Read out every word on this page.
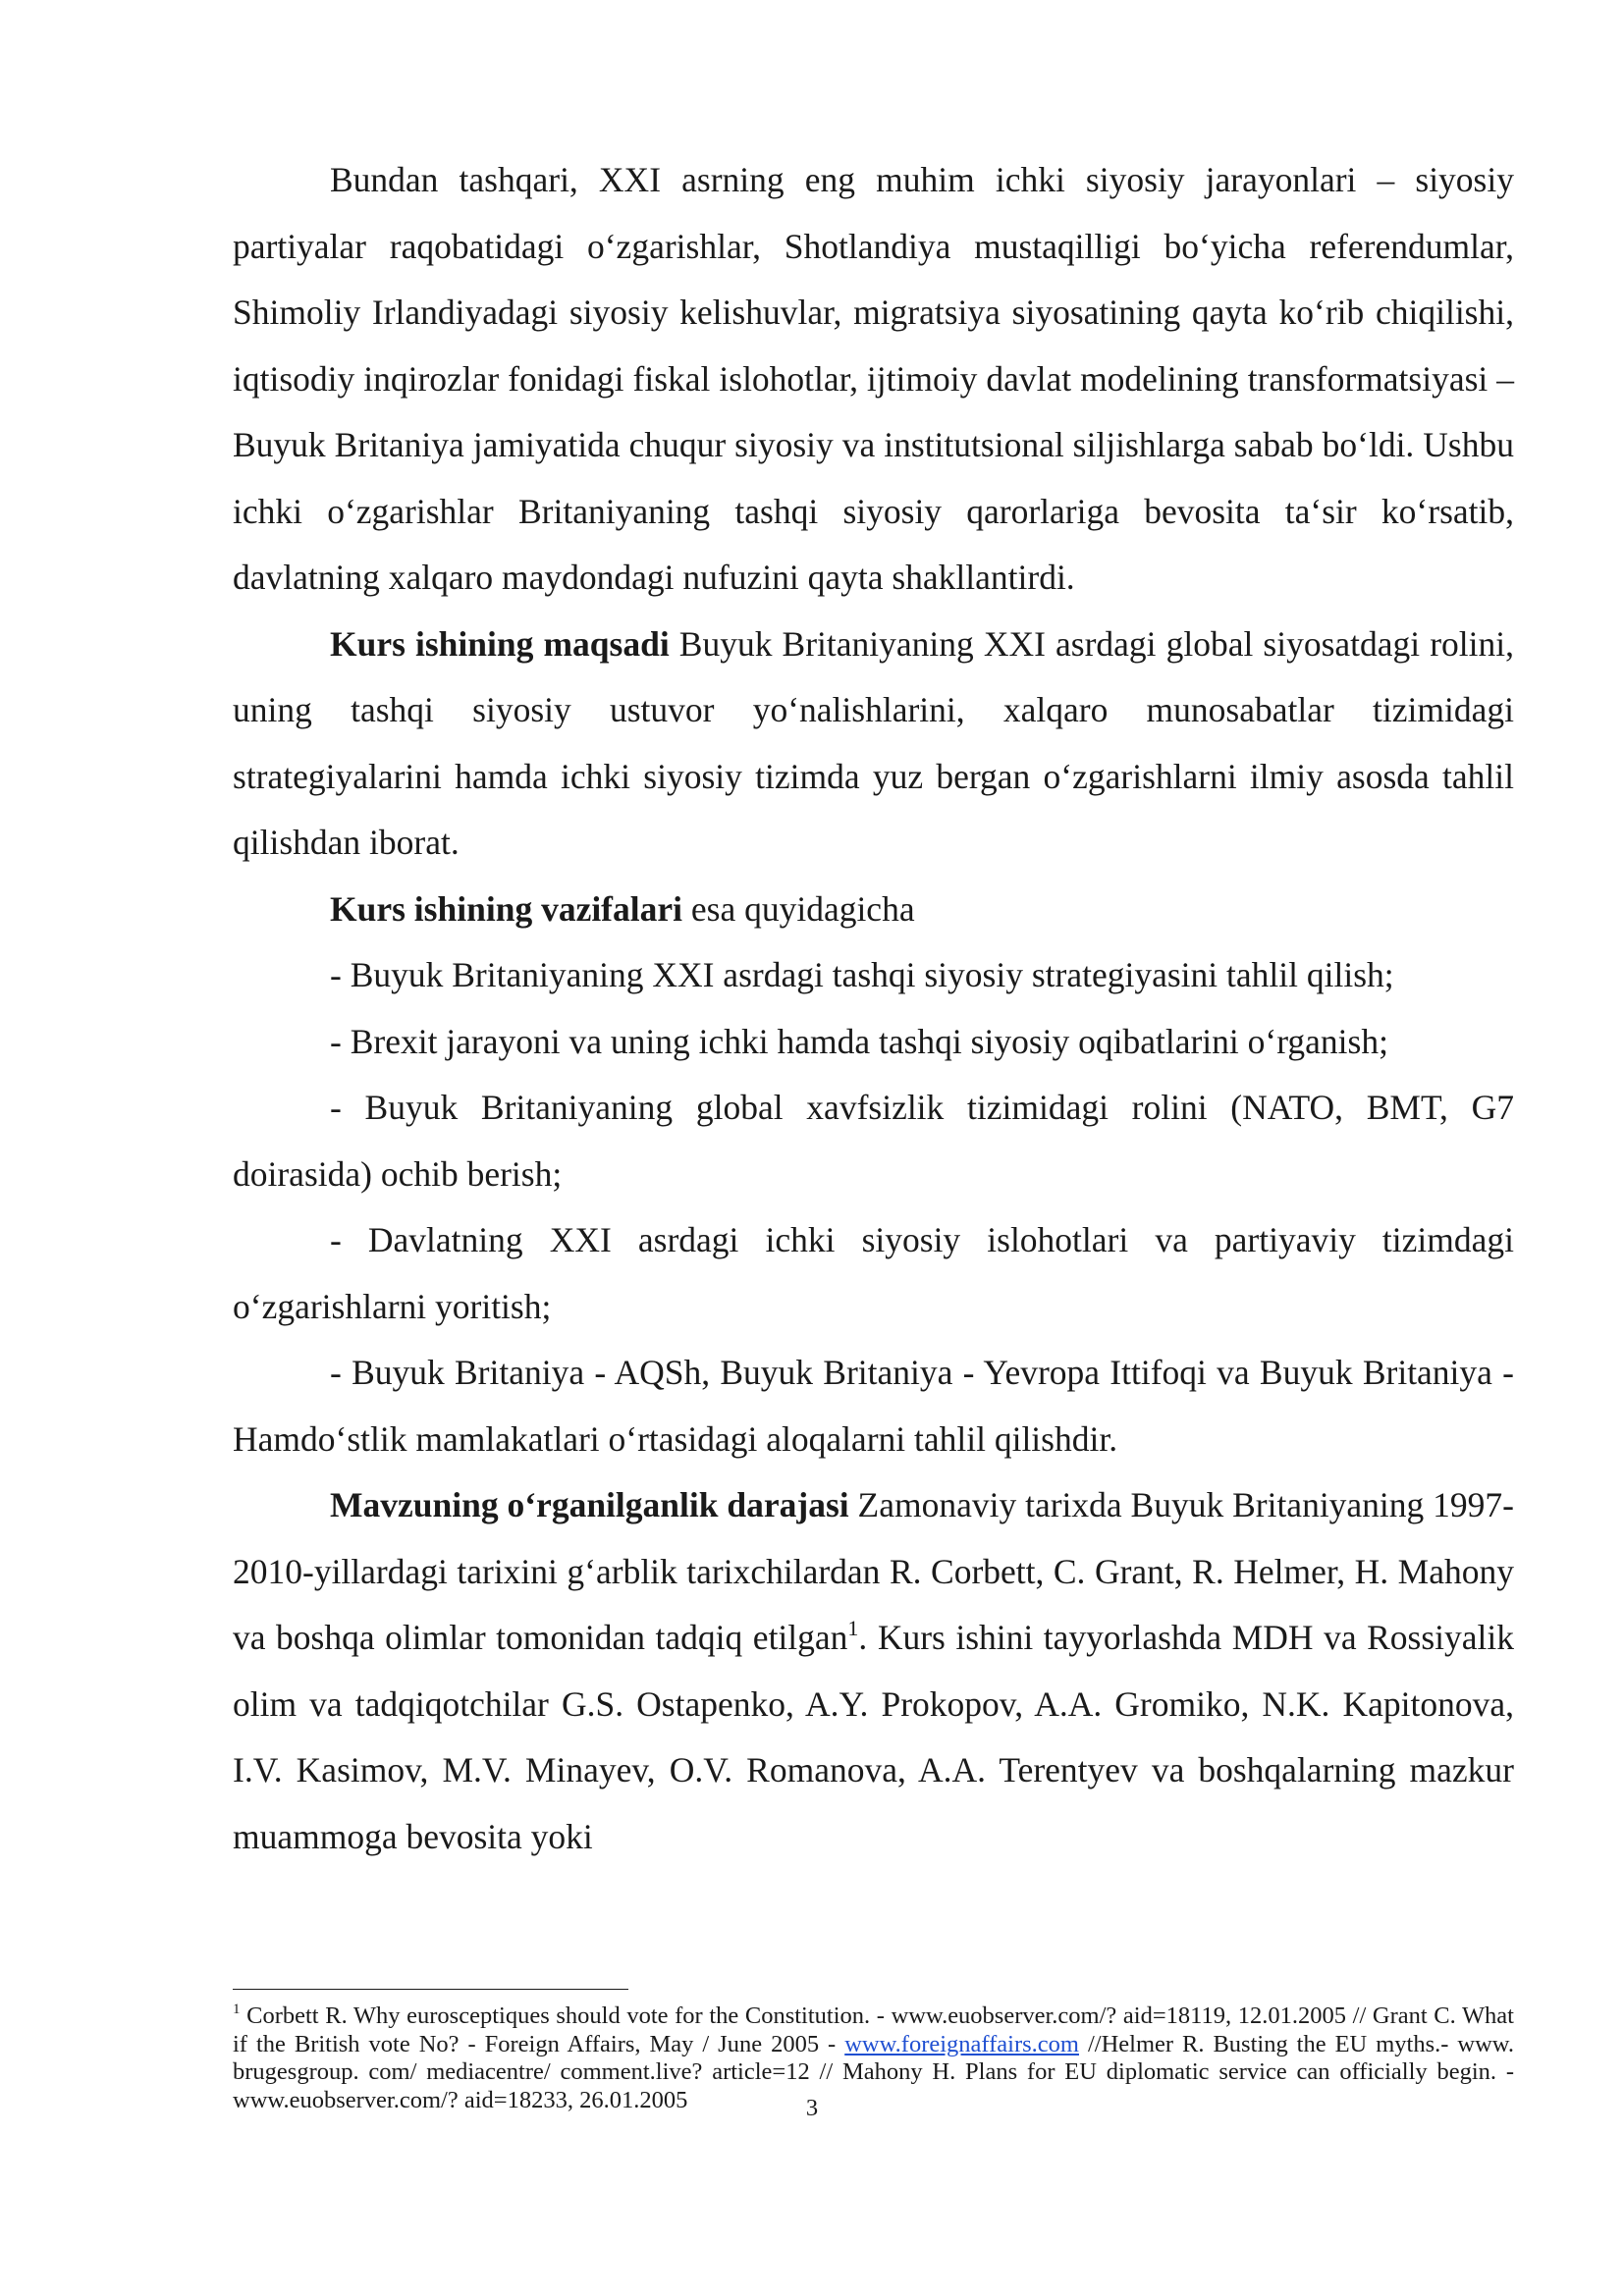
Bundan tashqari, XXI asrning eng muhim ichki siyosiy jarayonlari – siyosiy partiyalar raqobatidagi o‘zgarishlar, Shotlandiya mustaqilligi bo‘yicha referendumlar, Shimoliy Irlandiyadagi siyosiy kelishuvlar, migratsiya siyosatining qayta ko‘rib chiqilishi, iqtisodiy inqirozlar fonidagi fiskal islohotlar, ijtimoiy davlat modelining transformatsiyasi – Buyuk Britaniya jamiyatida chuqur siyosiy va institutsional siljishlarga sabab bo‘ldi. Ushbu ichki o‘zgarishlar Britaniyaning tashqi siyosiy qarorlariga bevosita ta‘sir ko‘rsatib, davlatning xalqaro maydondagi nufuzini qayta shakllantirdi.

Kurs ishining maqsadi Buyuk Britaniyaning XXI asrdagi global siyosatdagi rolini, uning tashqi siyosiy ustuvor yo‘nalishlarini, xalqaro munosabatlar tizimidagi strategiyalarini hamda ichki siyosiy tizimda yuz bergan o‘zgarishlarni ilmiy asosda tahlil qilishdan iborat.

Kurs ishining vazifalari esa quyidagicha

- Buyuk Britaniyaning XXI asrdagi tashqi siyosiy strategiyasini tahlil qilish;

- Brexit jarayoni va uning ichki hamda tashqi siyosiy oqibatlarini o‘rganish;

- Buyuk Britaniyaning global xavfsizlik tizimidagi rolini (NATO, BMT, G7 doirasida) ochib berish;

- Davlatning XXI asrdagi ichki siyosiy islohotlari va partiyaviy tizimdagi o‘zgarishlarni yoritish;

- Buyuk Britaniya - AQSh, Buyuk Britaniya - Yevropa Ittifoqi va Buyuk Britaniya - Hamdo‘stlik mamlakatlari o‘rtasidagi aloqalarni tahlil qilishdir.

Mavzuning o‘rganilganlik darajasi Zamonaviy tarixda Buyuk Britaniyaning 1997-2010-yillardagi tarixini g‘arblik tarixchilardan R. Corbett, C. Grant, R. Helmer, H. Mahony va boshqa olimlar tomonidan tadqiq etilgan$^1$. Kurs ishini tayyorlashda MDH va Rossiyalik olim va tadqiqotchilar G.S. Ostapenko, A.Y. Prokopov, A.A. Gromiko, N.K. Kapitonova, I.V. Kasimov, M.V. Minayev, O.V. Romanova, A.A. Terentyev va boshqalarning mazkur muammoga bevosita yoki

$^1$ Corbett R. Why eurosceptiques should vote for the Constitution. - www.euobserver.com/? aid=18119, 12.01.2005 // Grant C. What if the British vote No? - Foreign Affairs, May / June 2005 - www.foreignaffairs.com //Helmer R. Busting the EU myths.- www. brugesgroup. com/ mediacentre/ comment.live? article=12 // Mahony H. Plans for EU diplomatic service can officially begin. - www.euobserver.com/? aid=18233, 26.01.2005	3
